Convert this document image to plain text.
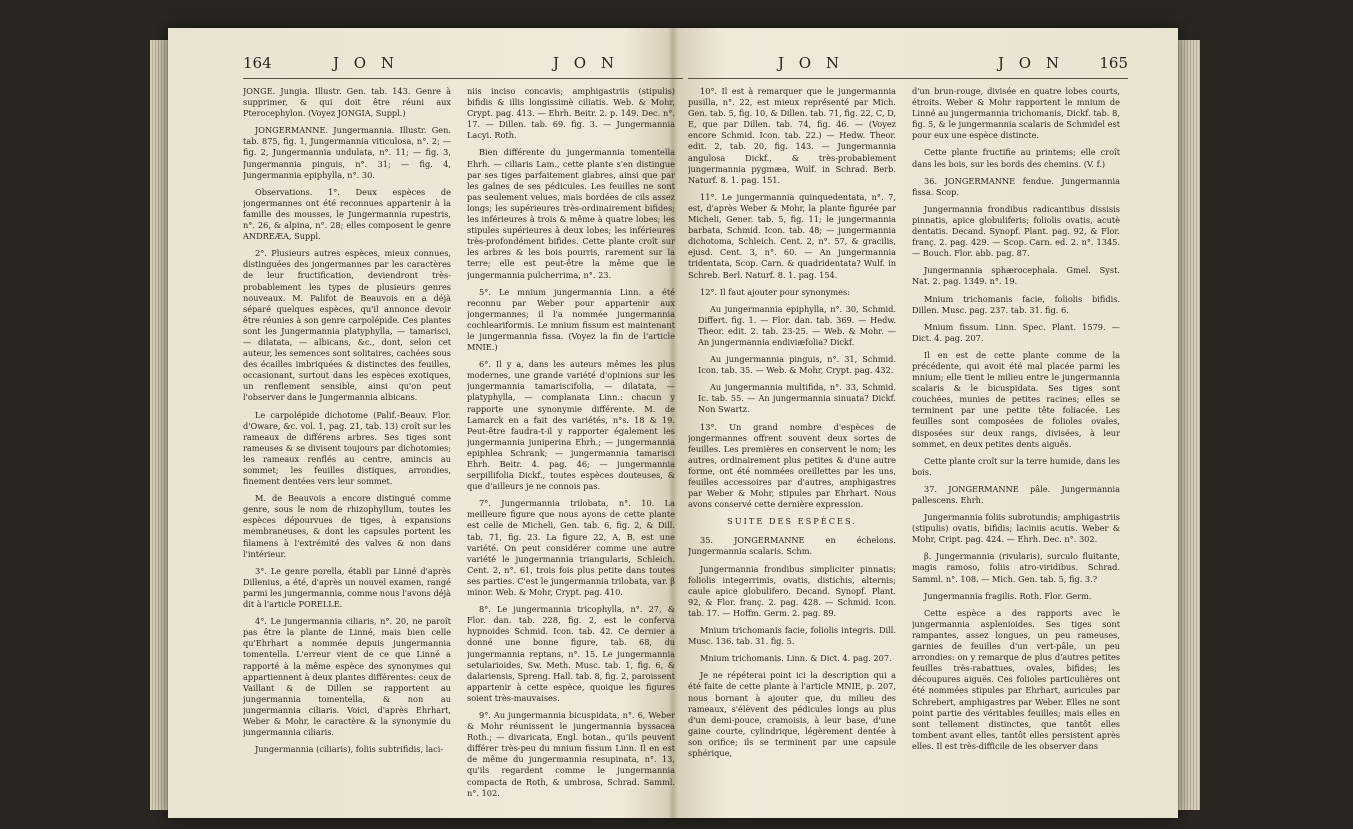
164	J O N	J O N

JONGE. Jungia. Illustr. Gen. tab. 143. Genre à supprimer, & qui doit être réuni aux Pterocephylon. (Voyez JONGIA, Suppl.)

JONGERMANNE. Jungermannia. Illustr. Gen. tab. 875, fig. 1, Jungermannia viticulosa, n°. 2; — fig. 2, Jungermannia undulata, n°. 11; — fig. 3, Jungermannia pinguis, n°. 31; — fig. 4, Jungermannia epiphylla, n°. 30.

Observations. 1°. Deux espèces de jongermannes ont été reconnues appartenir à la famille des mousses, le Jungermannia rupestris, n°. 26, & alpina, n°. 28; elles composent le genre ANDREÆA, Suppl.

2°. Plusieurs autres espèces, mieux connues, distinguées des jongermannes par les caractères de leur fructification, deviendront très-probablement les types de plusieurs genres nouveaux. M. Palifot de Beauvois en a déjà séparé quelques espèces, qu'il annonce devoir être réunies à son genre carpolépide. Ces plantes sont les Jungermannia platyphylla, — tamarisci, — dilatata, — albicans, &c., dont, selon cet auteur, les semences sont solitaires, cachées sous des écailles imbriquées & distinctes des feuilles, occasionant, surtout dans les espèces exotiques, un renflement sensible, ainsi qu'on peut l'observer dans le Jungermannia albicans.

Le carpolépide dichotome (Palif.-Beauv. Flor. d'Oware, &c. vol. 1, pag. 21, tab. 13) croît sur les rameaux de différens arbres. Ses tiges sont rameuses & se divisent toujours par dichotomies; les rameaux renflés au centre, amincis au sommet; les feuilles distiques, arrondies, finement dentées vers leur sommet.

M. de Beauvois a encore distingué comme genre, sous le nom de rhizophyllum, toutes les espèces dépourvues de tiges, à expansions membraneuses, & dont les capsules portent les filamens à l'extrémité des valves & non dans l'intérieur.

3°. Le genre porella, établi par Linné d'après Dillenius, a été, d'après un nouvel examen, rangé parmi les jungermannia, comme nous l'avons déjà dit à l'article PORELLE.

4°. Le jungermannia ciliaris, n°. 20, ne paroît pas être la plante de Linné, mais bien celle qu'Ehrhart a nommée depuis jungermannia tomentella. L'erreur vient de ce que Linné a rapporté à la même espèce des synonymes qui appartiennent à deux plantes différentes: ceux de Vaillant & de Dillen se rapportent au jungermannia tomentella, & non au jungermannia ciliaris. Voici, d'après Ehrhart, Weber & Mohr, le caractère & la synonymie du jungermannia ciliaris.

Jungermannia (ciliaris), foliis subtrifidis, laci-

niis inciso concavis; amphigastriis (stipulis) bifidis & illis longissimè ciliatis. Web. & Mohr, Crypt. pag. 413. — Ehrh. Beitr. 2. p. 149. Dec. n°. 17. — Dillen. tab. 69. fig. 3. — Jungermannia Lacyi. Roth.

Bien différente du jungermannia tomentella Ehrh. — ciliaris Lam., cette plante s'en distingue par ses tiges parfaitement glabres, ainsi que par les gaînes de ses pédicules. Les feuilles ne sont pas seulement velues, mais bordées de cils assez longs; les supérieures très-ordinairement bifides; les inférieures à trois & même à quatre lobes; les stipules supérieures à deux lobes; les inférieures très-profondément bifides. Cette plante croît sur les arbres & les bois pourris, rarement sur la terre; elle est peut-être la même que le jungermannia pulcherrima, n°. 23.

5°. Le mnium jungermannia Linn. a été reconnu par Weber pour appartenir aux jongermannes; il l'a nommée jungermannia cochleariformis. Le mnium fissum est maintenant le jungermannia fissa. (Voyez la fin de l'article MNIE.)

6°. Il y a, dans les auteurs mêmes les plus modernes, une grande variété d'opinions sur les jungermannia tamariscifolia, — dilatata, — platyphylla, — complanata Linn.: chacun y rapporte une synonymie différente. M. de Lamarck en a fait des variétés, n°s. 18 & 19. Peut-être faudra-t-il y rapporter également les jungermannia juniperina Ehrh.; — jungermannia epiphlea Schrank; — jungermannia tamarisci Ehrh. Beitr. 4. pag. 46; — jungermannia serpillifolia Dickf., toutes espèces douteuses, & que d'ailleurs je ne connois pas.

7°. Jungermannia trilobata, n°. 10. La meilleure figure que nous ayons de cette plante est celle de Micheli, Gen. tab. 6, fig. 2, & Dill. tab. 71, fig. 23. La figure 22, A, B, est une variété. On peut considérer comme une autre variété le jungermannia triangularis, Schleich. Cent. 2, n°. 61, trois fois plus petite dans toutes ses parties. C'est le jungermannia trilobata, var. β minor. Web. & Mohr, Crypt. pag. 410.

8°. Le jungermannia tricophylla, n°. 27, & Flor. dan. tab. 228, fig. 2, est le conferva hypnoides Schmid. Icon. tab. 42. Ce dernier a donné une bonne figure, tab. 68, du jungermannia reptans, n°. 15. Le jungermannia setularioides, Sw. Meth. Musc. tab. 1, fig. 6, & dalariensis, Spreng. Hall. tab. 8, fig. 2, paroissent appartenir à cette espèce, quoique les figures soient très-mauvaises.

9°. Au jungermannia bicuspidata, n°. 6, Weber & Mohr réunissent le jungermannia byssacea Roth.; — divaricata, Engl. botan., qu'ils peuvent différer très-peu du mnium fissum Linn. Il en est de même du jungermannia resupinata, n°. 13, qu'ils regardent comme le jungermannia compacta de Roth, & umbrosa, Schrad. Samml. n°. 102.

J O N	J O N 165

10°. Il est à remarquer que le jungermannia pusilla, n°. 22, est mieux représenté par Mich. Gen. tab. 5, fig. 10, & Dillen. tab. 71, fig. 22, C, D, E, que par Dillen. tab. 74, fig. 46. — (Voyez encore Schmid. Icon. tab. 22.) — Hedw. Theor. edit. 2, tab. 20, fig. 143. — Jungermannia angulosa Dickf., & très-probablement jungermannia pygmæa, Wulf. in Schrad. Berb. Naturf. 8. 1. pag. 151.

11°. Le jungermannia quinquedentata, n°. 7, est, d'après Weber & Mohr, la plante figurée par Micheli, Gener. tab. 5, fig. 11; le jungermannia barbata, Schmid. Icon. tab. 48; — jungermannia dichotoma, Schleich. Cent. 2, n°. 57, & gracilis, ejusd. Cent. 3, n°. 60. — An jungermannia tridentata, Scop. Carn. & quadridentata? Wulf. in Schreb. Berl. Naturf. 8. 1. pag. 154.

12°. Il faut ajouter pour synonymes:

Au jungermannia epiphylla, n°. 30, Schmid. Differt. fig. 1. — Flor. dan. tab. 369. — Hedw. Theor. edit. 2. tab. 23-25. — Web. & Mohr. — An jungermannia endiviæfolia? Dickf.

Au jungermannia pinguis, n°. 31, Schmid. Icon. tab. 35. — Web. & Mohr, Crypt. pag. 432.

Au jungermannia multifida, n°. 33, Schmid. Ic. tab. 55. — An jungermannia sinuata? Dickf. Non Swartz.

13°. Un grand nombre d'espèces de jongermannes offrent souvent deux sortes de feuilles. Les premières en conservent le nom; les autres, ordinairement plus petites & d'une autre forme, ont été nommées oreillettes par les uns, feuilles accessoires par d'autres, amphigastres par Weber & Mohr, stipules par Ehrhart. Nous avons conservé cette dernière expression.

SUITE DES ESPÈCES.

35. JONGERMANNE en échelons. Jungermannia scalaris. Schm.

Jungermannia frondibus simpliciter pinnatis; foliolis integerrimis, ovatis, distichis, alternis; caule apice globulifero. Decand. Synopf. Plant. 92, & Flor. franç. 2. pag. 428. — Schmid. Icon. tab. 17. — Hoffm. Germ. 2. pag. 89.

Mnium trichomanis facie, foliolis integris. Dill. Musc. 136. tab. 31. fig. 5.

Mnium trichomanis. Linn. & Dict. 4. pag. 207.

Je ne répéterai point ici la description qui a été faite de cette plante à l'article MNIE, p. 207, nous bornant à ajouter que, du milieu des rameaux, s'élèvent des pédicules longs au plus d'un demi-pouce, cramoisis, à leur base, d'une gaine courte, cylindrique, légèrement dentée à son orifice; ils se terminent par une capsule sphérique,

d'un brun-rouge, divisée en quatre lobes courts, étroits. Weber & Mohr rapportent le mnium de Linné au jungermannia trichomanis, Dickf. tab. 8, fig. 5, & le jungermannia scalaris de Schmidel est pour eux une espèce distincte.

Cette plante fructifie au printems; elle croît dans les bois, sur les bords des chemins. (V. f.)

36. JONGERMANNE fendue. Jungermannia fissa. Scop.

Jungermannia frondibus radicantibus dissisis pinnatis, apice globuliferis; foliolis ovatis, acutè dentatis. Decand. Synopf. Plant. pag. 92, & Flor. franç. 2. pag. 429. — Scop. Carn. ed. 2. n°. 1345. — Bouch. Flor. abb. pag. 87.

Jungermannia sphærocephala. Gmel. Syst. Nat. 2. pag. 1349. n°. 19.

Mnium trichomanis facie, foliolis bifidis. Dillen. Musc. pag. 237. tab. 31. fig. 6.

Mnium fissum. Linn. Spec. Plant. 1579. — Dict. 4. pag. 207.

Il en est de cette plante comme de la précédente, qui avoit été mal placée parmi les mnium; elle tient le milieu entre le jungermannia scalaris & le bicuspidata. Ses tiges sont couchées, munies de petites racines; elles se terminent par une petite tête foliacée. Les feuilles sont composées de folioles ovales, disposées sur deux rangs, divisées, à leur sommet, en deux petites dents aiguës.

Cette plante croît sur la terre humide, dans les bois.

37. JONGERMANNE pâle. Jungermannia pallescens. Ehrh.

Jungermannia foliis subrotundis; amphigastriis (stipulis) ovatis, bifidis; laciniis acutis. Weber & Mohr, Cript. pag. 424. — Ehrh. Dec. n°. 302.

β. Jungermannia (rivularis), surculo fluitante, magis ramoso, foliis atro-viridibus. Schrad. Samml. n°. 108. — Mich. Gen. tab. 5, fig. 3.?

Jungermannia fragilis. Roth. Flor. Germ.

Cette espèce a des rapports avec le jungermannia asplenioides. Ses tiges sont rampantes, assez longues, un peu rameuses, garnies de feuilles d'un vert-pâle, un peu arrondies: on y remarque de plus d'autres petites feuilles très-rabattues, ovales, bifides; les découpures aiguës. Ces folioles particulières ont été nommées stipules par Ehrhart, auricules par Schrebert, amphigastres par Weber. Elles ne sont point partie des véritables feuilles; mais elles en sont tellement distinctes, que tantôt elles tombent avant elles, tantôt elles persistent après elles. Il est très-difficile de les observer dans
